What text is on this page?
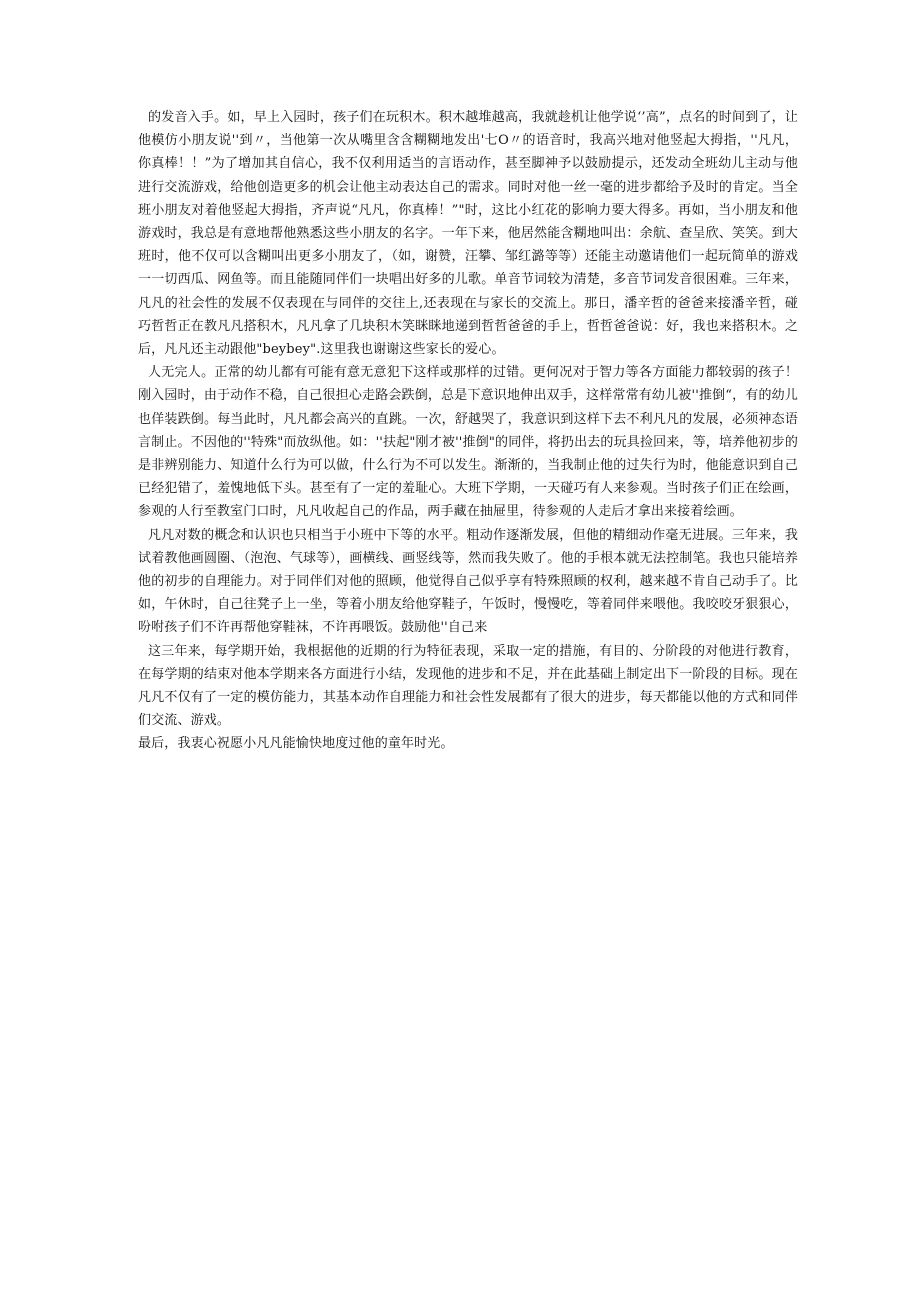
的发音入手。如，早上入园时，孩子们在玩积木。积木越堆越高，我就趁机让他学说‘’高”，点名的时间到了，让他模仿小朋友说''到〃，当他第一次从嘴里含含糊糊地发出'七O〃的语音时，我高兴地对他竖起大拇指，''凡凡，你真棒！！”为了增加其自信心，我不仅利用适当的言语动作，甚至脚神予以鼓励提示，还发动全班幼儿主动与他进行交流游戏，给他创造更多的机会让他主动表达自己的需求。同时对他一丝一毫的进步都给予及时的肯定。当全班小朋友对着他竖起大拇指，齐声说“凡凡，你真棒！”"时，这比小红花的影响力要大得多。再如，当小朋友和他游戏时，我总是有意地帮他熟悉这些小朋友的名字。一年下来，他居然能含糊地叫出：余航、查呈欣、笑笑。到大班时，他不仅可以含糊叫出更多小朋友了，（如，谢赞，汪攀、邹红潞等等）还能主动邀请他们一起玩简单的游戏一一切西瓜、网鱼等。而且能随同伴们一块唱出好多的儿歌。单音节词较为清楚，多音节词发音很困难。三年来，凡凡的社会性的发展不仅表现在与同伴的交往上,还表现在与家长的交流上。那日，潘辛哲的爸爸来接潘辛哲，碰巧哲哲正在教凡凡搭积木，凡凡拿了几块积木笑眯眯地递到哲哲爸爸的手上，哲哲爸爸说：好，我也来搭积木。之后，凡凡还主动跟他"beybey".这里我也谢谢这些家长的爱心。

人无完人。正常的幼儿都有可能有意无意犯下这样或那样的过错。更何况对于智力等各方面能力都较弱的孩子！刚入园时，由于动作不稳，自己很担心走路会跌倒，总是下意识地伸出双手，这样常常有幼儿被''推倒“，有的幼儿也佯装跌倒。每当此时，凡凡都会高兴的直跳。一次，舒越哭了，我意识到这样下去不利凡凡的发展，必须神态语言制止。不因他的''特殊"而放纵他。如：''扶起"刚才被''推倒"的同伴，将扔出去的玩具捡回来，等，培养他初步的是非辨别能力、知道什么行为可以做，什么行为不可以发生。渐渐的，当我制止他的过失行为时，他能意识到自己已经犯错了，羞愧地低下头。甚至有了一定的羞耻心。大班下学期，一天碰巧有人来参观。当时孩子们正在绘画，参观的人行至教室门口时，凡凡收起自己的作品，两手藏在抽屉里，待参观的人走后才拿出来接着绘画。

凡凡对数的概念和认识也只相当于小班中下等的水平。粗动作逐渐发展，但他的精细动作毫无进展。三年来，我试着教他画圆圈、（泡泡、气球等），画横线、画竖线等，然而我失败了。他的手根本就无法控制笔。我也只能培养他的初步的自理能力。对于同伴们对他的照顾，他觉得自己似乎享有特殊照顾的权利，越来越不肯自己动手了。比如，午休时，自己往凳子上一坐，等着小朋友给他穿鞋子，午饭时，慢慢吃，等着同伴来喂他。我咬咬牙狠狠心，吩咐孩子们不许再帮他穿鞋袜，不许再喂饭。鼓励他''自己来

这三年来，每学期开始，我根据他的近期的行为特征表现，采取一定的措施，有目的、分阶段的对他进行教育，在每学期的结束对他本学期来各方面进行小结，发现他的进步和不足，并在此基础上制定出下一阶段的目标。现在凡凡不仅有了一定的模仿能力，其基本动作自理能力和社会性发展都有了很大的进步，每天都能以他的方式和同伴们交流、游戏。

最后，我衷心祝愿小凡凡能愉快地度过他的童年时光。
